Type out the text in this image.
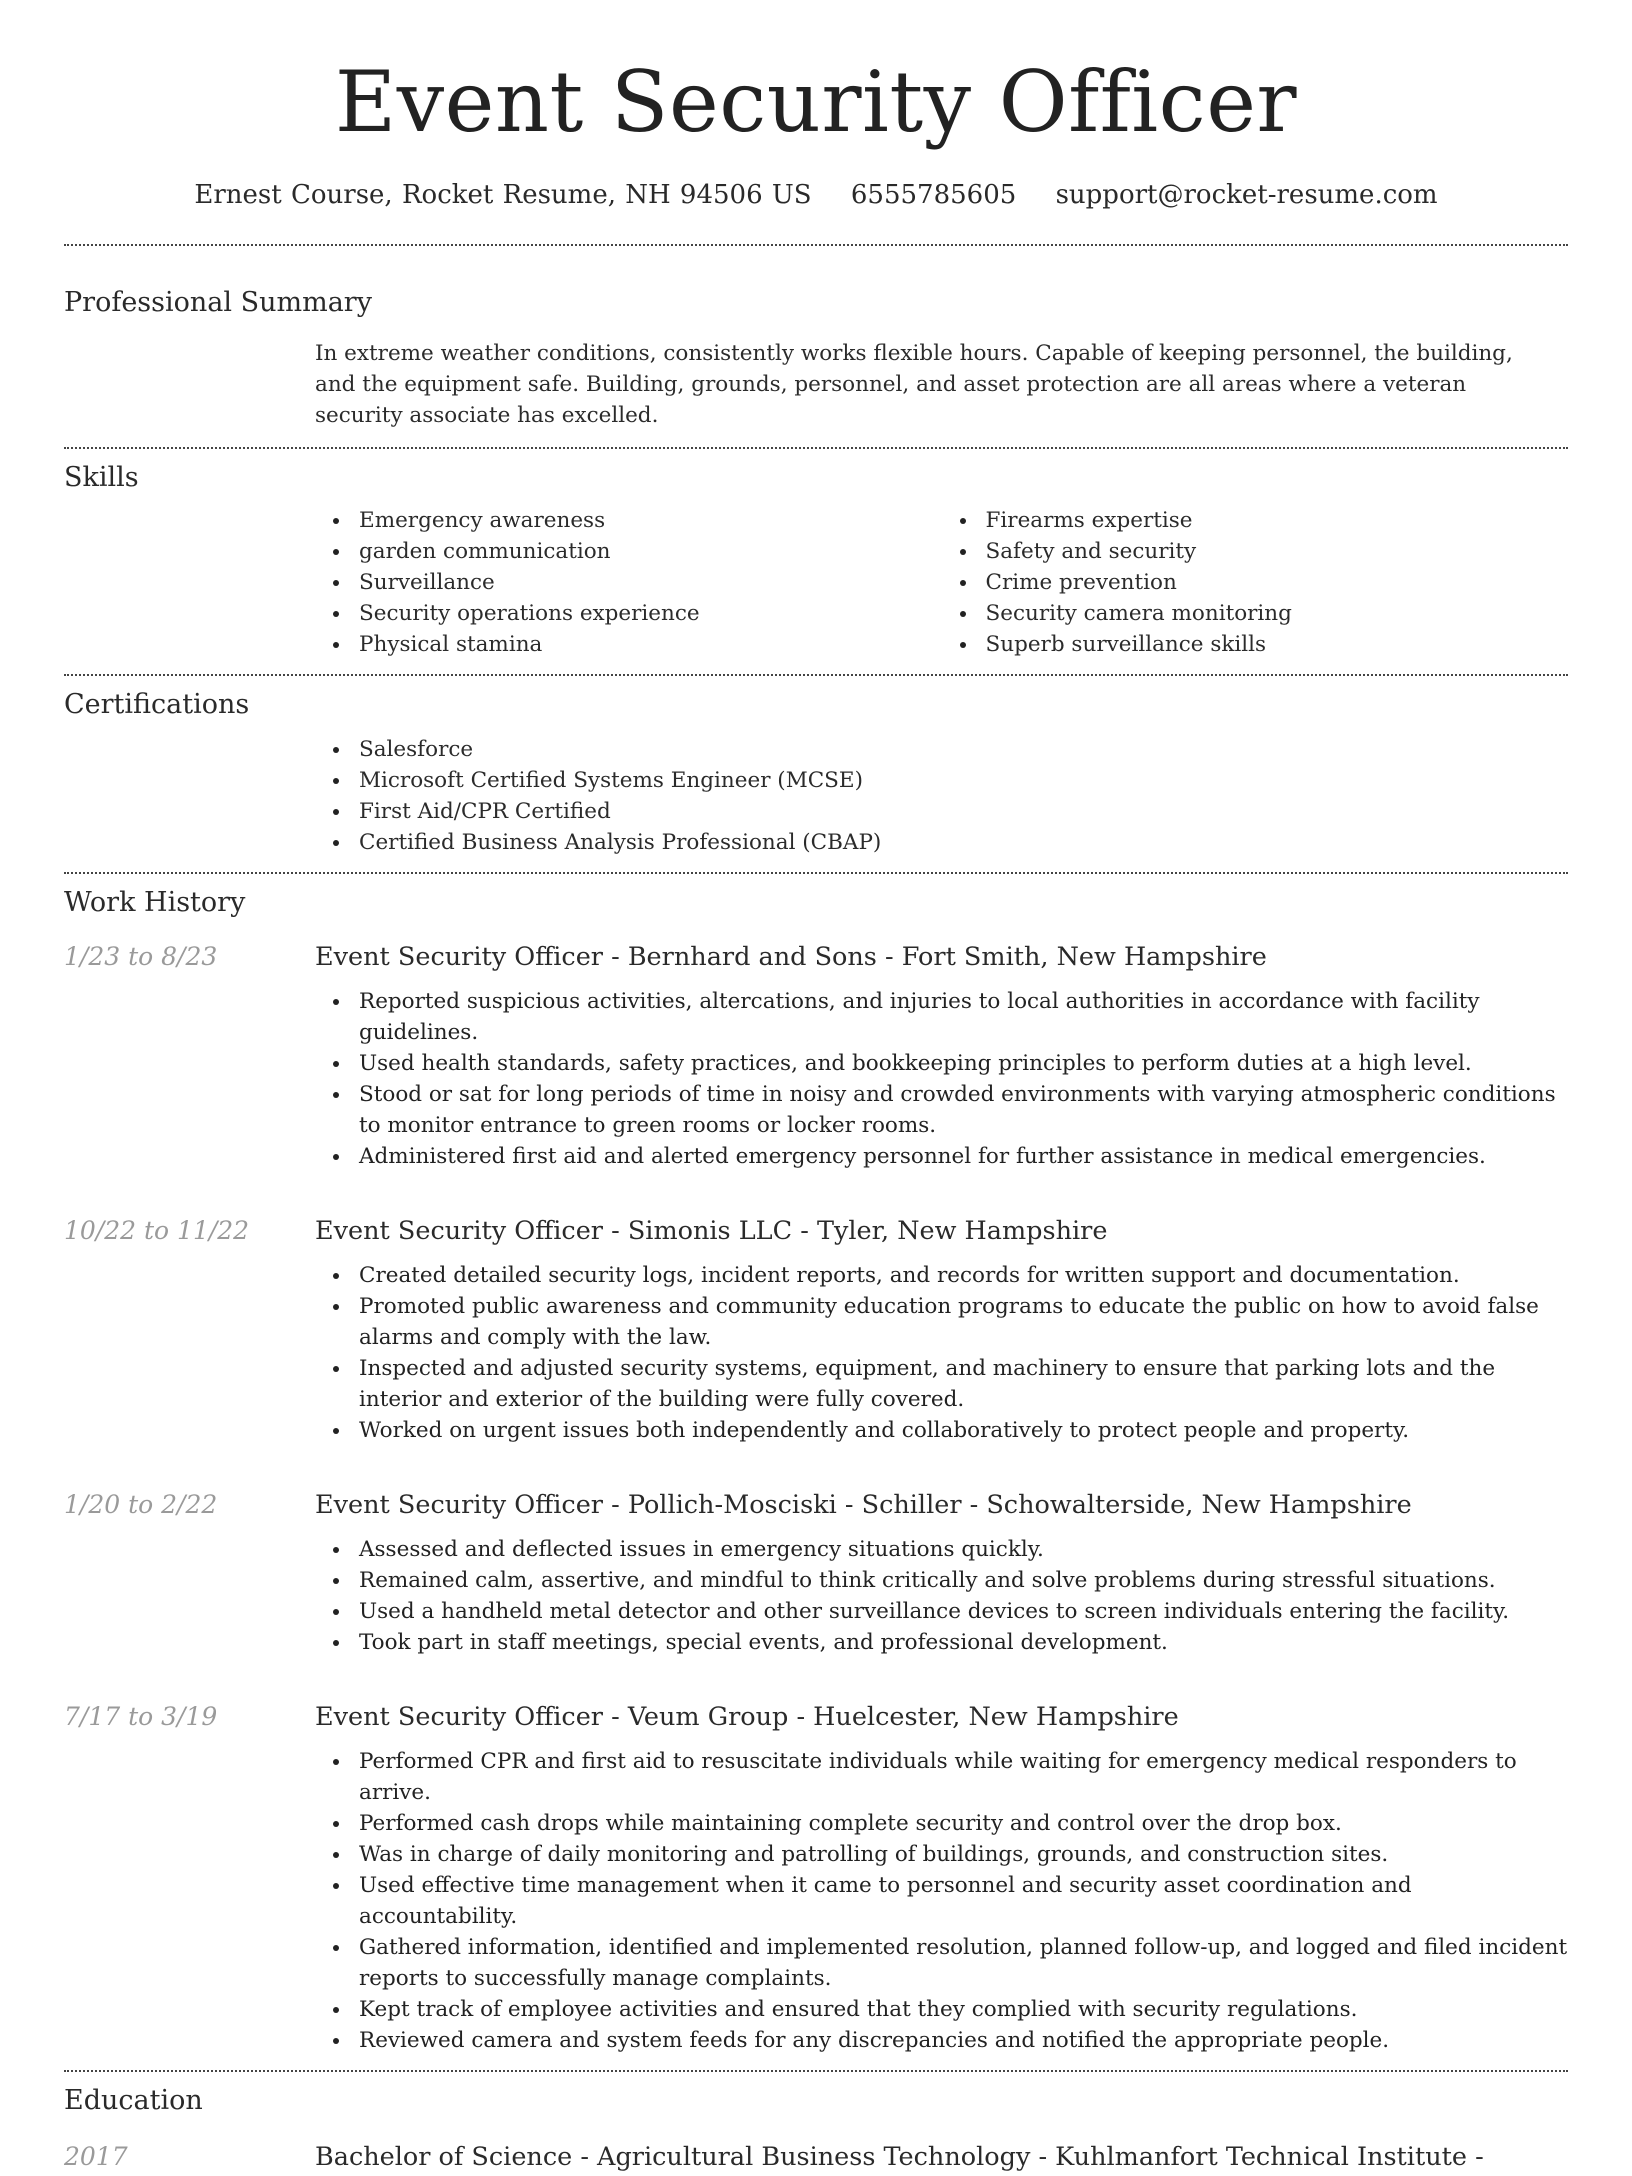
Event Security Officer
Ernest Course, Rocket Resume, NH 94506 US 6555785605 support@rocket-resume.com
Professional Summary
In extreme weather conditions, consistently works flexible hours. Capable of keeping personnel, the building, and the equipment safe. Building, grounds, personnel, and asset protection are all areas where a veteran security associate has excelled.
Skills
Emergency awareness
garden communication
Surveillance
Security operations experience
Physical stamina
Firearms expertise
Safety and security
Crime prevention
Security camera monitoring
Superb surveillance skills
Certifications
Salesforce
Microsoft Certified Systems Engineer (MCSE)
First Aid/CPR Certified
Certified Business Analysis Professional (CBAP)
Work History
1/23 to 8/23	Event Security Officer - Bernhard and Sons - Fort Smith, New Hampshire
Reported suspicious activities, altercations, and injuries to local authorities in accordance with facility guidelines.
Used health standards, safety practices, and bookkeeping principles to perform duties at a high level.
Stood or sat for long periods of time in noisy and crowded environments with varying atmospheric conditions to monitor entrance to green rooms or locker rooms.
Administered first aid and alerted emergency personnel for further assistance in medical emergencies.
10/22 to 11/22	Event Security Officer - Simonis LLC - Tyler, New Hampshire
Created detailed security logs, incident reports, and records for written support and documentation.
Promoted public awareness and community education programs to educate the public on how to avoid false alarms and comply with the law.
Inspected and adjusted security systems, equipment, and machinery to ensure that parking lots and the interior and exterior of the building were fully covered.
Worked on urgent issues both independently and collaboratively to protect people and property.
1/20 to 2/22	Event Security Officer - Pollich-Mosciski - Schiller - Schowalterside, New Hampshire
Assessed and deflected issues in emergency situations quickly.
Remained calm, assertive, and mindful to think critically and solve problems during stressful situations.
Used a handheld metal detector and other surveillance devices to screen individuals entering the facility.
Took part in staff meetings, special events, and professional development.
7/17 to 3/19	Event Security Officer - Veum Group - Huelcester, New Hampshire
Performed CPR and first aid to resuscitate individuals while waiting for emergency medical responders to arrive.
Performed cash drops while maintaining complete security and control over the drop box.
Was in charge of daily monitoring and patrolling of buildings, grounds, and construction sites.
Used effective time management when it came to personnel and security asset coordination and accountability.
Gathered information, identified and implemented resolution, planned follow-up, and logged and filed incident reports to successfully manage complaints.
Kept track of employee activities and ensured that they complied with security regulations.
Reviewed camera and system feeds for any discrepancies and notified the appropriate people.
Education
2017	Bachelor of Science - Agricultural Business Technology - Kuhlmanfort Technical Institute -
